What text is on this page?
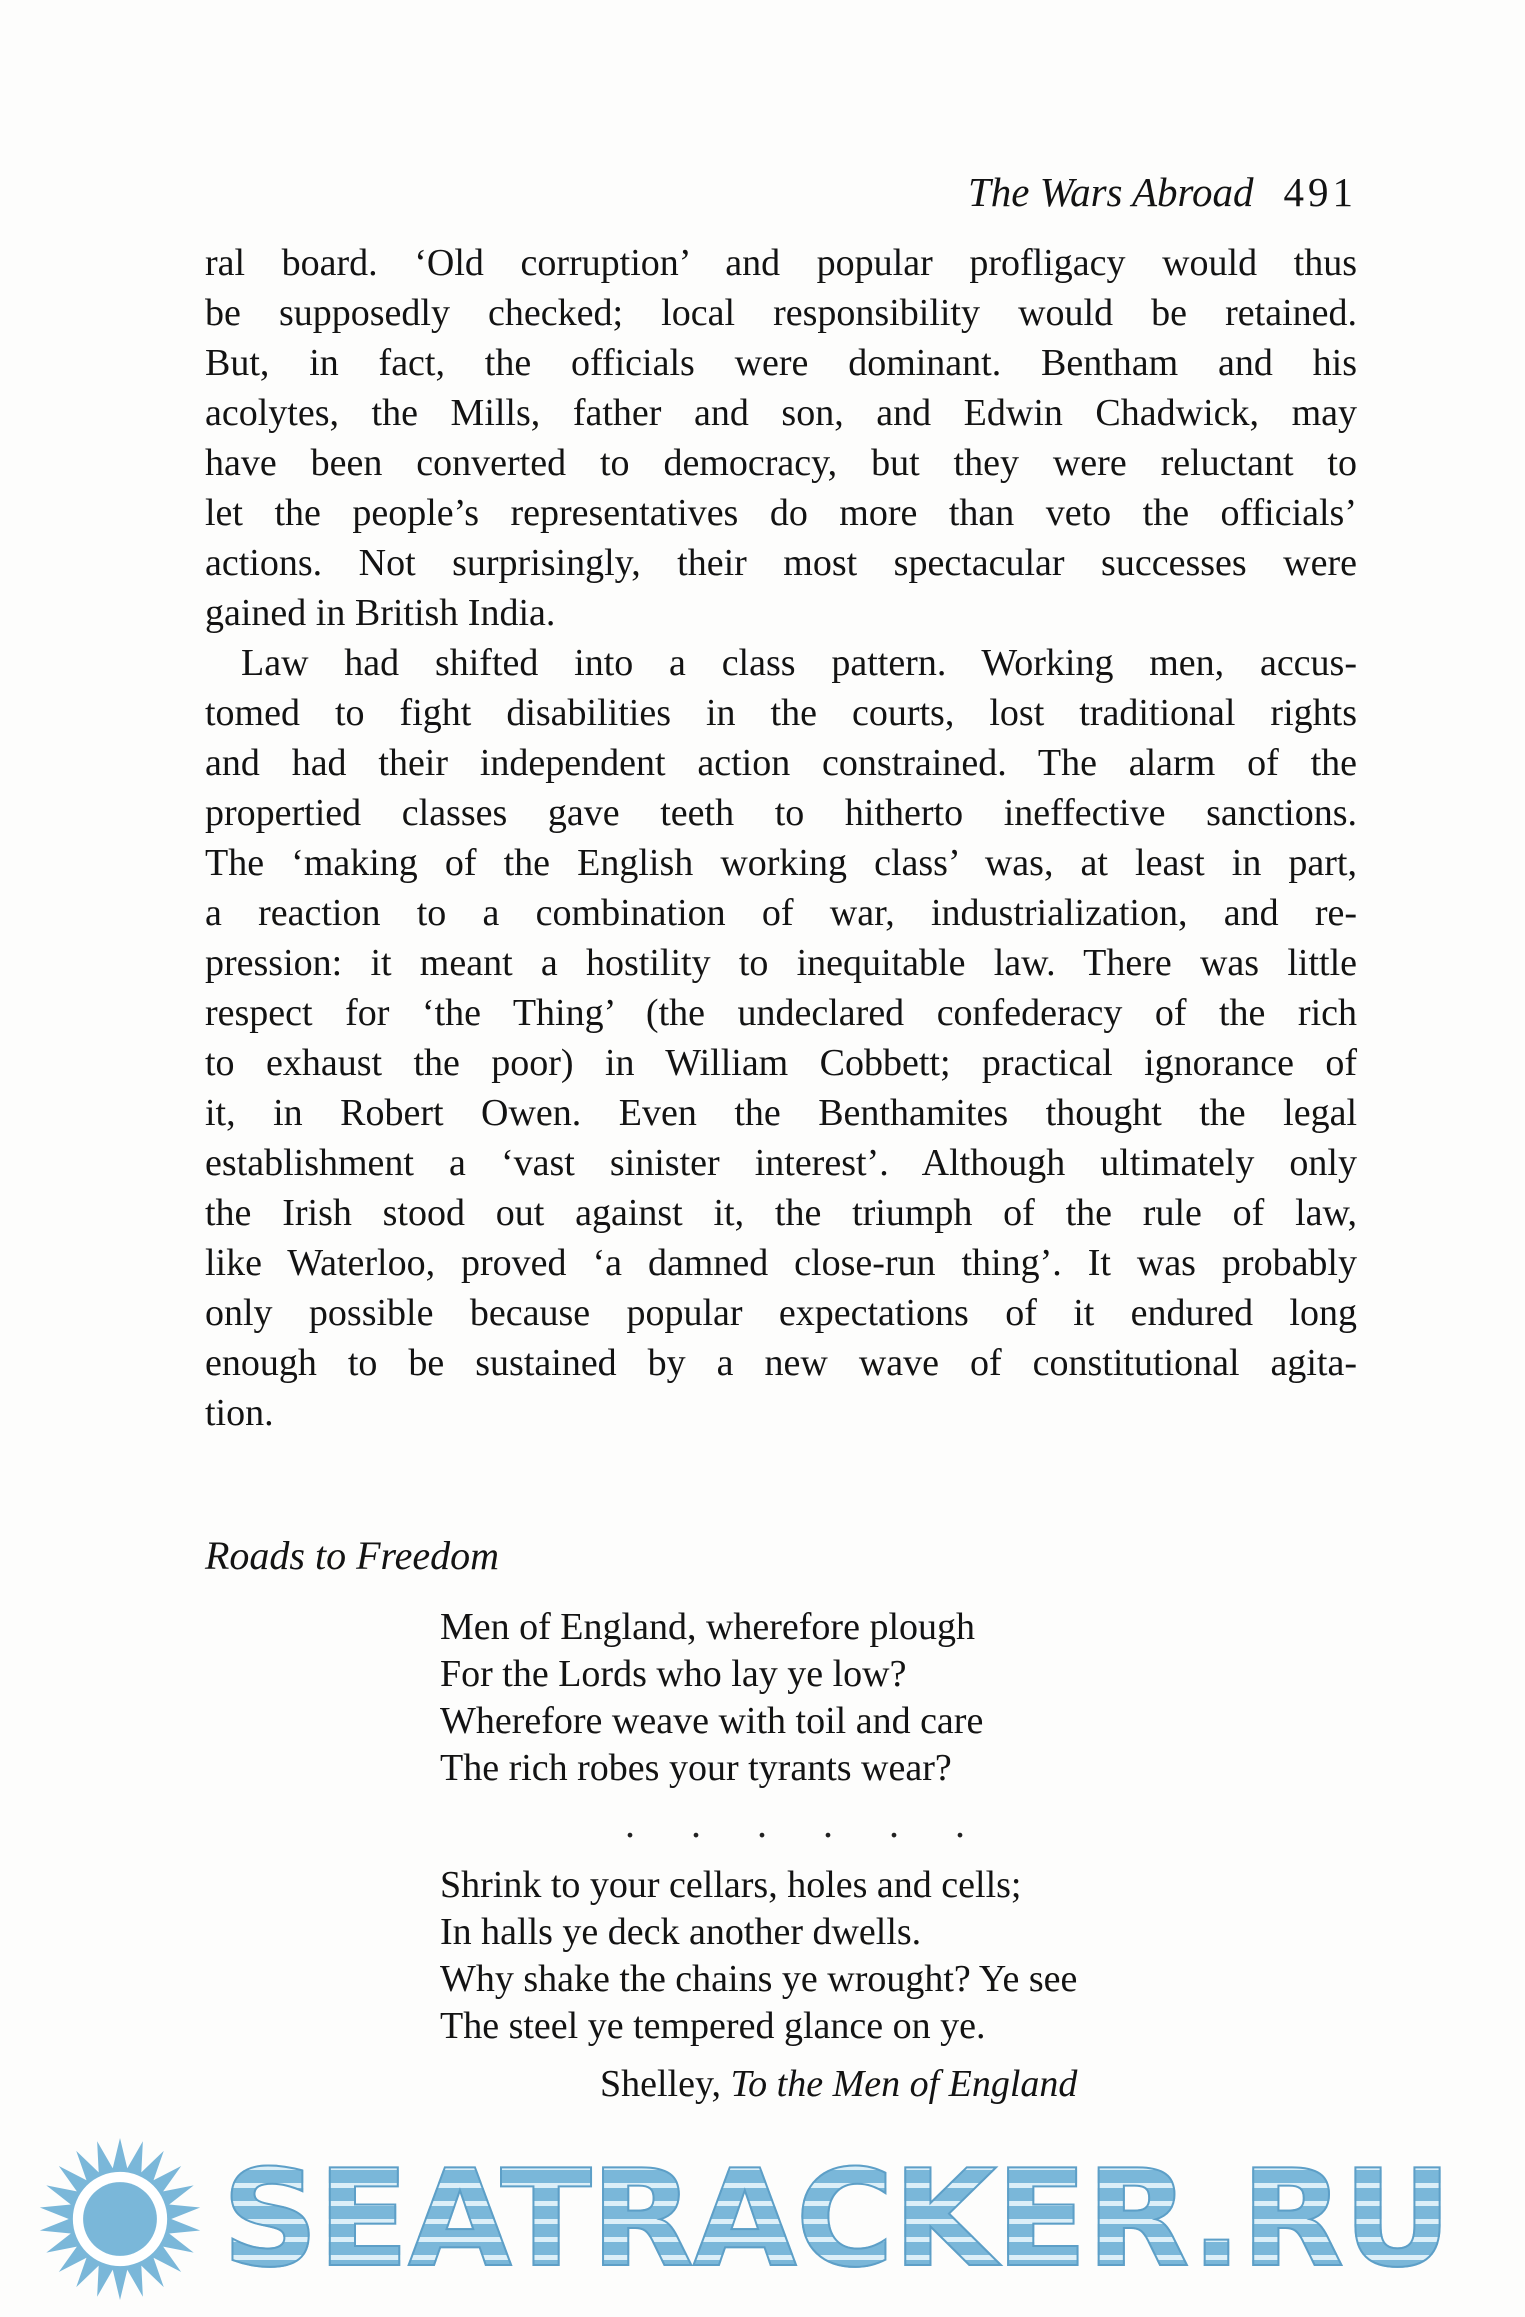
The Wars Abroad 491
ral board. ‘Old corruption’ and popular profligacy would thus
be supposedly checked; local responsibility would be retained.
But, in fact, the officials were dominant. Bentham and his
acolytes, the Mills, father and son, and Edwin Chadwick, may
have been converted to democracy, but they were reluctant to
let the people’s representatives do more than veto the officials’
actions. Not surprisingly, their most spectacular successes were
gained in British India.
Law had shifted into a class pattern. Working men, accus-
tomed to fight disabilities in the courts, lost traditional rights
and had their independent action constrained. The alarm of the
propertied classes gave teeth to hitherto ineffective sanctions.
The ‘making of the English working class’ was, at least in part,
a reaction to a combination of war, industrialization, and re-
pression: it meant a hostility to inequitable law. There was little
respect for ‘the Thing’ (the undeclared confederacy of the rich
to exhaust the poor) in William Cobbett; practical ignorance of
it, in Robert Owen. Even the Benthamites thought the legal
establishment a ‘vast sinister interest’. Although ultimately only
the Irish stood out against it, the triumph of the rule of law,
like Waterloo, proved ‘a damned close-run thing’. It was probably
only possible because popular expectations of it endured long
enough to be sustained by a new wave of constitutional agita-
tion.
Roads to Freedom
Men of England, wherefore plough
For the Lords who lay ye low?
Wherefore weave with toil and care
The rich robes your tyrants wear?
. . . . . .
Shrink to your cellars, holes and cells;
In halls ye deck another dwells.
Why shake the chains ye wrought? Ye see
The steel ye tempered glance on ye.
Shelley, To the Men of England
SEATRACKER.RU
